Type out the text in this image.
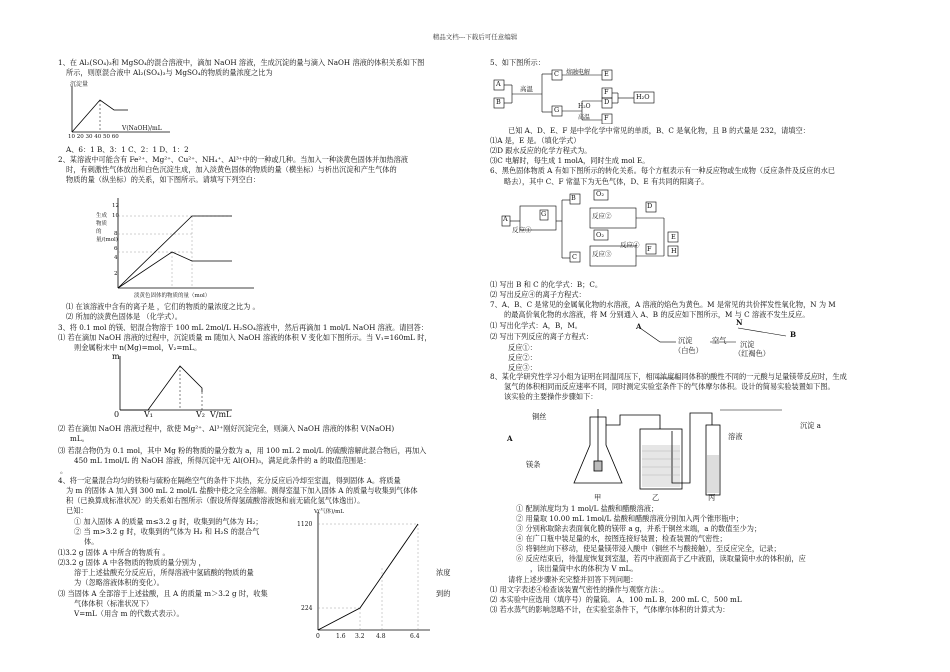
精品文档---下载后可任意编辑
1、在 Al₂(SO₄)₃和 MgSO₄的混合溶液中，滴加 NaOH 溶液，生成沉淀的量与滴入 NaOH 溶液的体积关系如下图
所示，则原混合液中 Al₂(SO₄)₃与 MgSO₄的物质的量浓度之比为
沉淀量
V(NaOH)/mL
10 20 30 40 50 60
A、6：1 B、3：1 C、2：1 D、1：2
2、某溶液中可能含有 Fe²⁺、Mg²⁺、Cu²⁺、NH₄⁺、Al³⁺中的一种或几种。当加入一种淡黄色固体并加热溶液
时，有刺激性气体放出和白色沉淀生成，加入淡黄色固体的物质的量（横坐标）与析出沉淀和产生气体的
物质的量（纵坐标）的关系，如下图所示。请填写下列空白：
生成物质的量/(mol)
12
10
8
6
4
2
淡黄色固体的物质的量（mol）
⑴ 在该溶液中含有的离子是 ，它们的物质的量浓度之比为 。
⑵ 所加的淡黄色固体是 （化学式）。
3、将 0.1 mol 的镁、铝混合物溶于 100 mL 2mol/L H₂SO₄溶液中，然后再滴加 1 mol/L NaOH 溶液。请回答：
⑴ 若在滴加 NaOH 溶液的过程中，沉淀质量 m 随加入 NaOH 溶液的体积 V 变化如下图所示。当 V₁=160mL 时，
则金属粉末中 n(Mg)=mol，V₂=mL。
m
0	V₁	V₂ V/mL
⑵ 若在滴加 NaOH 溶液过程中，欲使 Mg²⁺、Al³⁺刚好沉淀完全，则滴入 NaOH 溶液的体积 V(NaOH)
mL。
⑶ 若混合物仍为 0.1 mol，其中 Mg 粉的物质的量分数为 a，用 100 mL 2 mol/L 的硫酸溶解此混合物后，再加入
450 mL 1mol/L 的 NaOH 溶液，所得沉淀中无 Al(OH)₃，满足此条件的 a 的取值范围是：
。
4、将一定量混合均匀的铁粉与硫粉在隔绝空气的条件下共热，充分反应后冷却至室温，得到固体 A。将质量
为 m 的固体 A 加入到 300 mL 2 mol/L 盐酸中使之完全溶解。测得室温下加入固体 A 的质量与收集到气体体
积（已换算成标准状况）的关系如右图所示（假设所得氢硫酸溶液饱和前无硫化氢气体逸出）。
已知：
① 加入固体 A 的质量 m≤3.2 g 时，收集到的气体为 H₂；
② 当 m>3.2 g 时，收集到的气体为 H₂ 和 H₂S 的混合气
体。
⑴3.2 g 固体 A 中所含的物质有 。
⑵3.2 g 固体 A 中各物质的物质的量分别为 ，
溶于上述盐酸充分反应后，所得溶液中氢硫酸的物质的量
为（忽略溶液体积的变化）。
⑶ 当固体 A 全部溶于上述盐酸，且 A 的质量 m＞3.2 g 时，收集
气体体积（标准状况下）
V=mL（用含 m 的代数式表示）。
浓度
到的
V(气体)/mL
1120
224
0	1.6 3.2 4.8	6.4
5、如下图所示：
A
B
高温
C
G
熔融电解 E
F
H₂O
高温
H₂O
D
F
已知 A、D、E、F 是中学化学中常见的单质，B、C 是氧化物，且 B 的式量是 232，请填空：
⑴A 是，E 是。（填化学式）
⑵D 跟水反应的化学方程式为。
⑶C 电解时，每生成 1 molA，同时生成 mol E。
6、黑色固体物质 A 有如下图所示的转化关系。每个方框表示有一种反应物或生成物（反应条件及反应的水已
略去），其中 C、F 常温下为无色气体，D、E 有共同的阳离子。
A
G
B	O₂
D
反应①
反应②
反应③
反应④
O₂	E
F
C
H
⑴ 写出 B 和 C 的化学式：B；C。
⑵ 写出反应④的离子方程式：
7、A、B、C 是常见的金属氧化物的水溶液，A 溶液的焰色为黄色。M 是常见的共价挥发性氧化物，N 为 M
的最高价氧化物的水溶液，将 M 分别通入 A、B 的反应如下图所示，M 与 C 溶液不发生反应。
⑴ 写出化学式：A，B，M。
⑵ 写出下列反应的离子方程式：
反应①：
反应②：
反应③：
A	N
B
沉淀
（白色）
空气 沉淀
（红褐色）
溶液
沉淀 a
A
8、某化学研究性学习小组为证明在同温同压下，相同浓度相同体积的酸性不同的一元酸与足量镁带反应时，生成
氢气的体积相同而反应速率不同，同时测定实验室条件下的气体摩尔体积。设计的简易实验装置如下图。
该实验的主要操作步骤如下：
铜丝
镁条
甲	乙	丙
① 配制浓度均为 1 mol/L 盐酸和醋酸溶液；
② 用量取 10.00 mL 1mol/L 盐酸和醋酸溶液分别加入两个锥形瓶中；
③ 分别称取除去表面氧化膜的镁带 a g，并系于铜丝末端，a 的数值至少为；
④ 在广口瓶中装足量的水，按图连接好装置；检查装置的气密性；
⑤ 将铜丝向下移动，使足量镁带浸入酸中（铜丝不与酸接触），至反应完全，记录；
⑥ 反应结束后，待温度恢复到室温，若丙中液面高于乙中液面，读取量筒中水的体积前，应
，读出量筒中水的体积为 V mL。
请将上述步骤补充完整并回答下列问题：
⑴ 用文字表述④检查该装置气密性的操作与观察方法：。
⑵ 本实验中应选用（填序号）的量筒。 A．100 mL B．200 mL C．500 mL
⑶ 若水蒸气的影响忽略不计，在实验室条件下，气体摩尔体积的计算式为：
